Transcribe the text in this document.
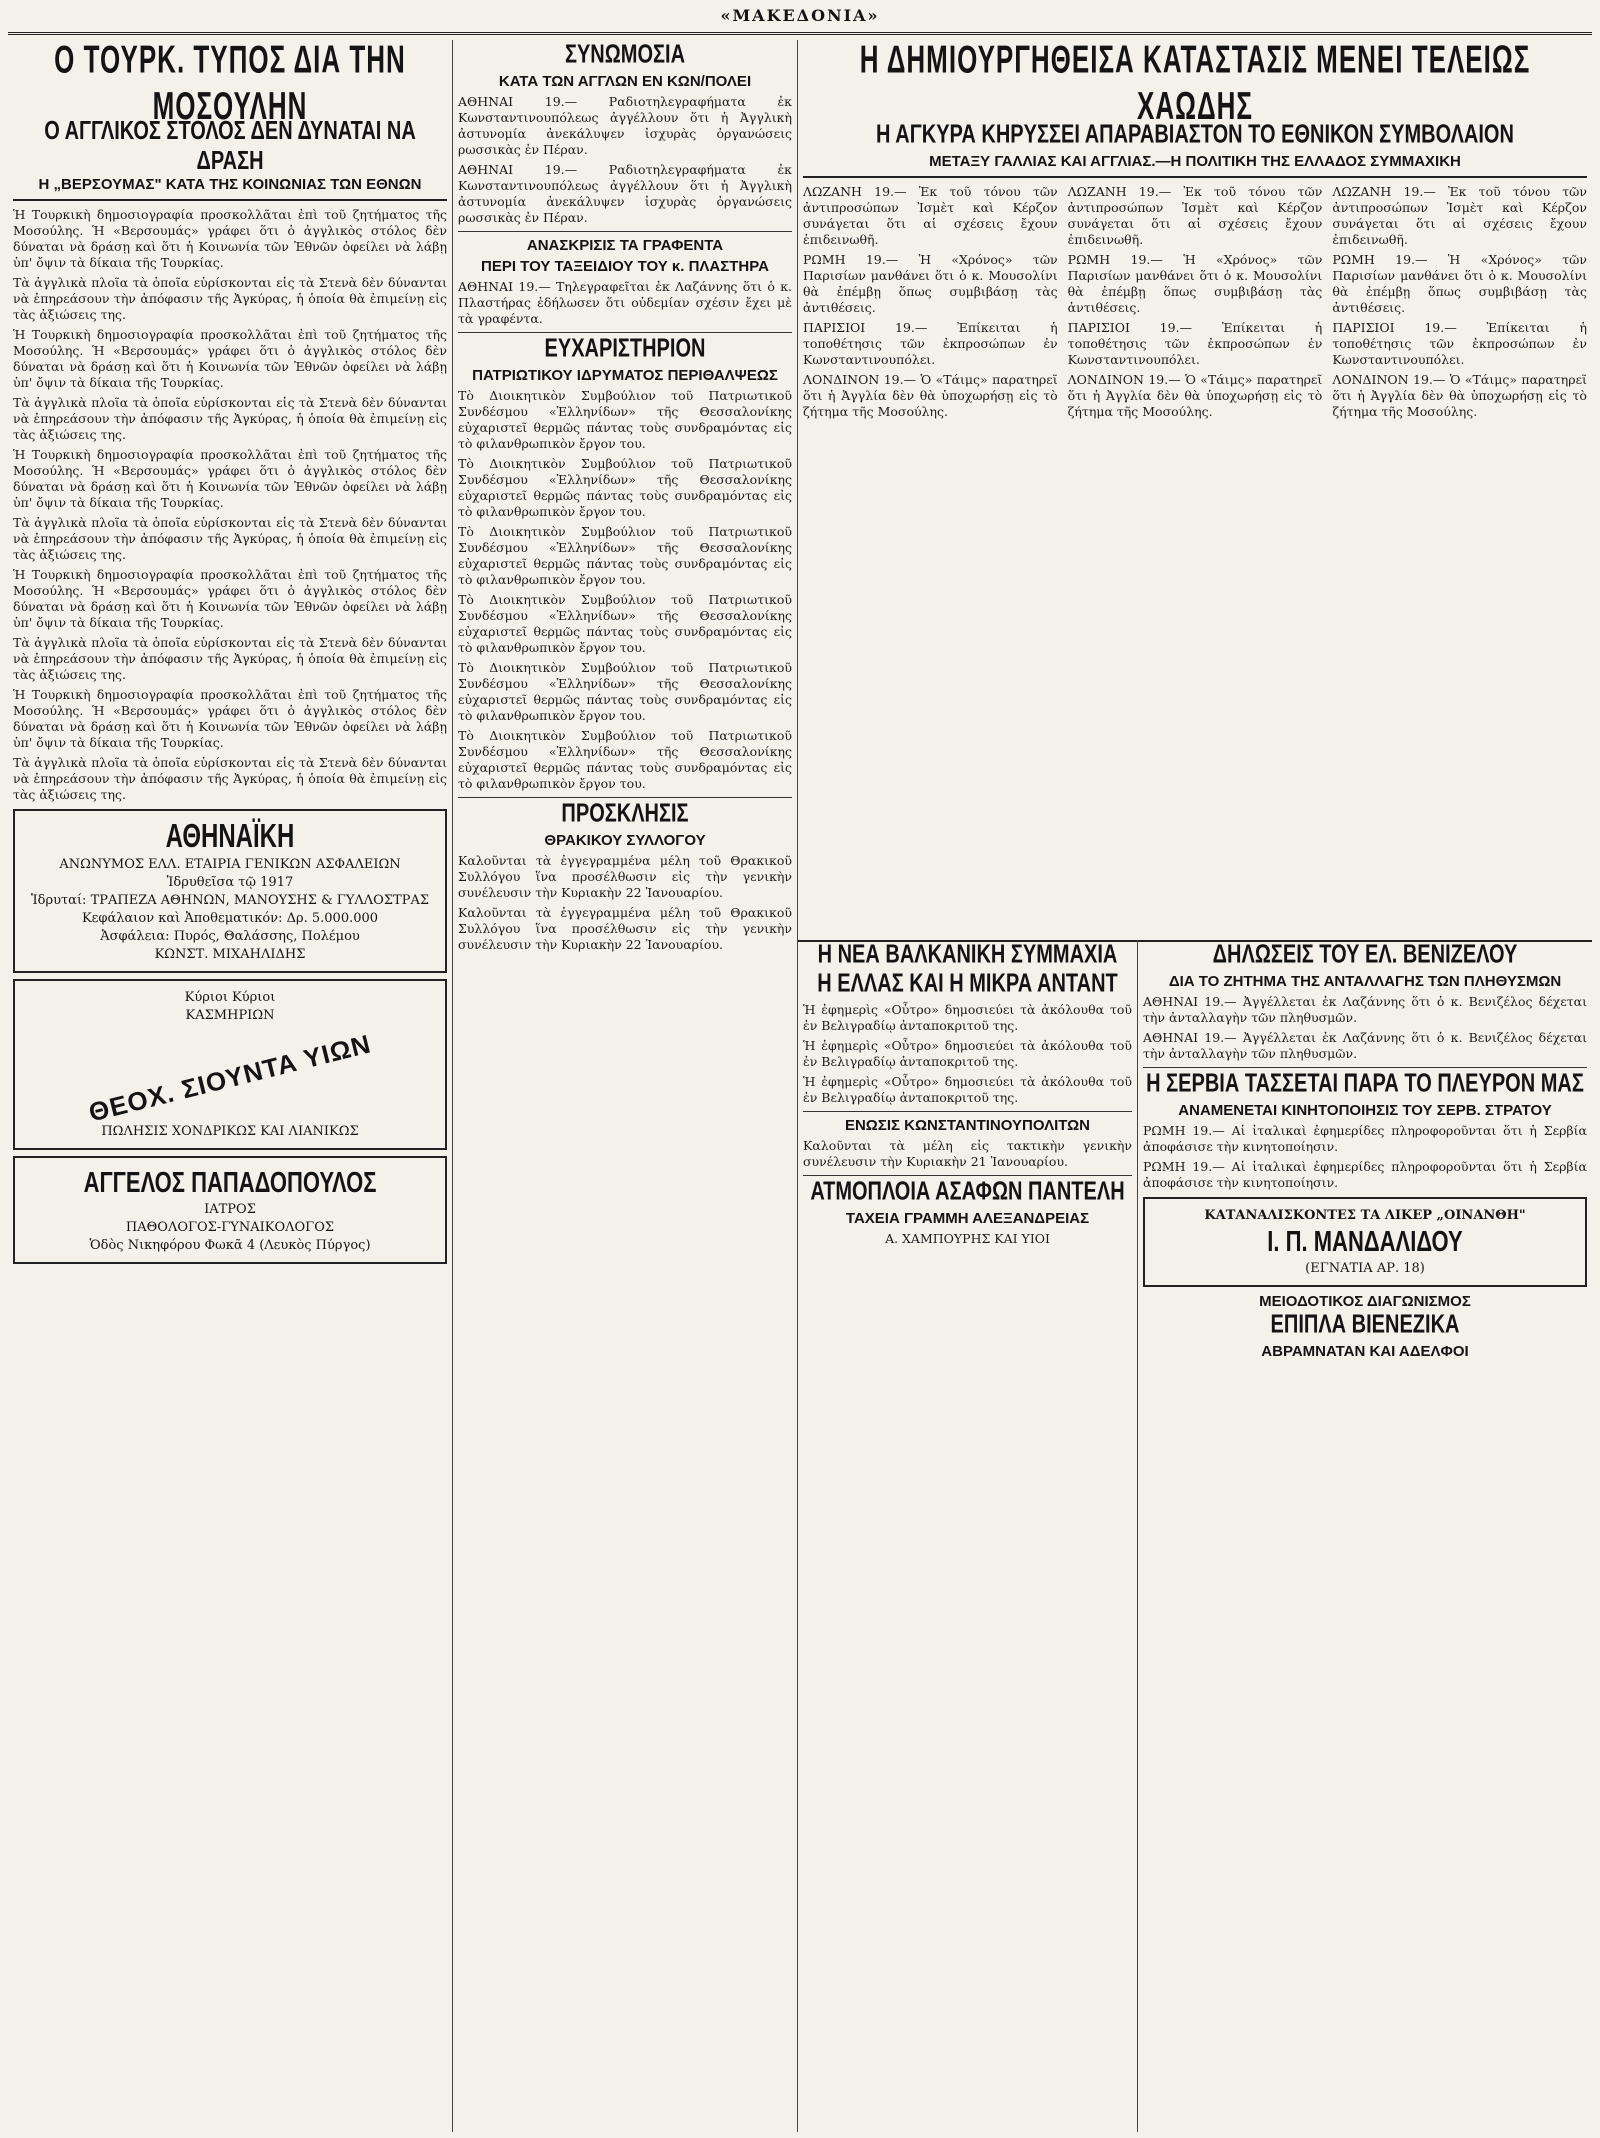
«ΜΑΚΕΔΟΝΙΑ»
Ο ΤΟΥΡΚ. ΤΥΠΟΣ ΔΙΑ ΤΗΝ ΜΟΣΟΥΛΗΝ
Ο ΑΓΓΛΙΚΟΣ ΣΤΟΛΟΣ ΔΕΝ ΔΥΝΑΤΑΙ ΝΑ ΔΡΑΣΗ
Η „ΒΕΡΣΟΥΜΑΣ" ΚΑΤΑ ΤΗΣ ΚΟΙΝΩΝΙΑΣ ΤΩΝ ΕΘΝΩΝ

Ἡ Τουρκικὴ δημοσιογραφία προσκολλᾶται ἐπὶ τοῦ ζητήματος τῆς Μοσούλης. Ἡ «Βερσουμάς» γράφει ὅτι ὁ ἀγγλικὸς στόλος δὲν δύναται νὰ δράσῃ καὶ ὅτι ἡ Κοινωνία τῶν Ἐθνῶν ὀφείλει νὰ λάβῃ ὑπ' ὄψιν τὰ δίκαια τῆς Τουρκίας.

Τὰ ἀγγλικὰ πλοῖα τὰ ὁποῖα εὑρίσκονται εἰς τὰ Στενὰ δὲν δύνανται νὰ ἐπηρεάσουν τὴν ἀπόφασιν τῆς Ἀγκύρας, ἡ ὁποία θὰ ἐπιμείνῃ εἰς τὰς ἀξιώσεις της.

Ἡ Τουρκικὴ δημοσιογραφία προσκολλᾶται ἐπὶ τοῦ ζητήματος τῆς Μοσούλης. Ἡ «Βερσουμάς» γράφει ὅτι ὁ ἀγγλικὸς στόλος δὲν δύναται νὰ δράσῃ καὶ ὅτι ἡ Κοινωνία τῶν Ἐθνῶν ὀφείλει νὰ λάβῃ ὑπ' ὄψιν τὰ δίκαια τῆς Τουρκίας.

Τὰ ἀγγλικὰ πλοῖα τὰ ὁποῖα εὑρίσκονται εἰς τὰ Στενὰ δὲν δύνανται νὰ ἐπηρεάσουν τὴν ἀπόφασιν τῆς Ἀγκύρας, ἡ ὁποία θὰ ἐπιμείνῃ εἰς τὰς ἀξιώσεις της.

Ἡ Τουρκικὴ δημοσιογραφία προσκολλᾶται ἐπὶ τοῦ ζητήματος τῆς Μοσούλης. Ἡ «Βερσουμάς» γράφει ὅτι ὁ ἀγγλικὸς στόλος δὲν δύναται νὰ δράσῃ καὶ ὅτι ἡ Κοινωνία τῶν Ἐθνῶν ὀφείλει νὰ λάβῃ ὑπ' ὄψιν τὰ δίκαια τῆς Τουρκίας.

Τὰ ἀγγλικὰ πλοῖα τὰ ὁποῖα εὑρίσκονται εἰς τὰ Στενὰ δὲν δύνανται νὰ ἐπηρεάσουν τὴν ἀπόφασιν τῆς Ἀγκύρας, ἡ ὁποία θὰ ἐπιμείνῃ εἰς τὰς ἀξιώσεις της.

Ἡ Τουρκικὴ δημοσιογραφία προσκολλᾶται ἐπὶ τοῦ ζητήματος τῆς Μοσούλης. Ἡ «Βερσουμάς» γράφει ὅτι ὁ ἀγγλικὸς στόλος δὲν δύναται νὰ δράσῃ καὶ ὅτι ἡ Κοινωνία τῶν Ἐθνῶν ὀφείλει νὰ λάβῃ ὑπ' ὄψιν τὰ δίκαια τῆς Τουρκίας.

Τὰ ἀγγλικὰ πλοῖα τὰ ὁποῖα εὑρίσκονται εἰς τὰ Στενὰ δὲν δύνανται νὰ ἐπηρεάσουν τὴν ἀπόφασιν τῆς Ἀγκύρας, ἡ ὁποία θὰ ἐπιμείνῃ εἰς τὰς ἀξιώσεις της.

Ἡ Τουρκικὴ δημοσιογραφία προσκολλᾶται ἐπὶ τοῦ ζητήματος τῆς Μοσούλης. Ἡ «Βερσουμάς» γράφει ὅτι ὁ ἀγγλικὸς στόλος δὲν δύναται νὰ δράσῃ καὶ ὅτι ἡ Κοινωνία τῶν Ἐθνῶν ὀφείλει νὰ λάβῃ ὑπ' ὄψιν τὰ δίκαια τῆς Τουρκίας.

Τὰ ἀγγλικὰ πλοῖα τὰ ὁποῖα εὑρίσκονται εἰς τὰ Στενὰ δὲν δύνανται νὰ ἐπηρεάσουν τὴν ἀπόφασιν τῆς Ἀγκύρας, ἡ ὁποία θὰ ἐπιμείνῃ εἰς τὰς ἀξιώσεις της.

ΑΘΗΝΑΪΚΗ
ΑΝΩΝΥΜΟΣ ΕΛΛ. ΕΤΑΙΡΙΑ ΓΕΝΙΚΩΝ ΑΣΦΑΛΕΙΩΝ
Ἱδρυθεῖσα τῷ 1917
Ἱδρυταί: ΤΡΑΠΕΖΑ ΑΘΗΝΩΝ, ΜΑΝΟΥΣΗΣ & ΓΥΛΛΟΣΤΡΑΣ
Κεφάλαιον καὶ Ἀποθεματικόν: Δρ. 5.000.000
Ἀσφάλεια: Πυρός, Θαλάσσης, Πολέμου
ΚΩΝΣΤ. ΜΙΧΑΗΛΙΔΗΣ
Κύριοι Κύριοι
ΚΑΣΜΗΡΙΩΝ
ΘΕΟΧ. ΣΙΟΥΝΤΑ ΥΙΩΝ
ΠΩΛΗΣΙΣ ΧΟΝΔΡΙΚΩΣ ΚΑΙ ΛΙΑΝΙΚΩΣ
ΑΓΓΕΛΟΣ ΠΑΠΑΔΟΠΟΥΛΟΣ
ΙΑΤΡΟΣ
ΠΑΘΟΛΟΓΟΣ-ΓΥΝΑΙΚΟΛΟΓΟΣ
Ὁδὸς Νικηφόρου Φωκᾶ 4 (Λευκὸς Πύργος)
ΣΥΝΩΜΟΣΙΑ
ΚΑΤΑ ΤΩΝ ΑΓΓΛΩΝ ΕΝ ΚΩΝ/ΠΟΛΕΙ

ΑΘΗΝΑΙ 19.— Ραδιοτηλεγραφήματα ἐκ Κωνσταντινουπόλεως ἀγγέλλουν ὅτι ἡ Ἀγγλικὴ ἀστυνομία ἀνεκάλυψεν ἰσχυρὰς ὀργανώσεις ρωσσικὰς ἐν Πέραν.

ΑΘΗΝΑΙ 19.— Ραδιοτηλεγραφήματα ἐκ Κωνσταντινουπόλεως ἀγγέλλουν ὅτι ἡ Ἀγγλικὴ ἀστυνομία ἀνεκάλυψεν ἰσχυρὰς ὀργανώσεις ρωσσικὰς ἐν Πέραν.

ΑΝΑΣΚΡΙΣΙΣ ΤΑ ΓΡΑΦΕΝΤΑ
ΠΕΡΙ ΤΟΥ ΤΑΞΕΙΔΙΟΥ ΤΟΥ κ. ΠΛΑΣΤΗΡΑ

ΑΘΗΝΑΙ 19.— Τηλεγραφεῖται ἐκ Λαζάννης ὅτι ὁ κ. Πλαστήρας ἐδήλωσεν ὅτι οὐδεμίαν σχέσιν ἔχει μὲ τὰ γραφέντα.

ΕΥΧΑΡΙΣΤΗΡΙΟΝ
ΠΑΤΡΙΩΤΙΚΟΥ ΙΔΡΥΜΑΤΟΣ ΠΕΡΙΘΑΛΨΕΩΣ

Τὸ Διοικητικὸν Συμβούλιον τοῦ Πατριωτικοῦ Συνδέσμου «Ἑλληνίδων» τῆς Θεσσαλονίκης εὐχαριστεῖ θερμῶς πάντας τοὺς συνδραμόντας εἰς τὸ φιλανθρωπικὸν ἔργον του.

Τὸ Διοικητικὸν Συμβούλιον τοῦ Πατριωτικοῦ Συνδέσμου «Ἑλληνίδων» τῆς Θεσσαλονίκης εὐχαριστεῖ θερμῶς πάντας τοὺς συνδραμόντας εἰς τὸ φιλανθρωπικὸν ἔργον του.

Τὸ Διοικητικὸν Συμβούλιον τοῦ Πατριωτικοῦ Συνδέσμου «Ἑλληνίδων» τῆς Θεσσαλονίκης εὐχαριστεῖ θερμῶς πάντας τοὺς συνδραμόντας εἰς τὸ φιλανθρωπικὸν ἔργον του.

Τὸ Διοικητικὸν Συμβούλιον τοῦ Πατριωτικοῦ Συνδέσμου «Ἑλληνίδων» τῆς Θεσσαλονίκης εὐχαριστεῖ θερμῶς πάντας τοὺς συνδραμόντας εἰς τὸ φιλανθρωπικὸν ἔργον του.

Τὸ Διοικητικὸν Συμβούλιον τοῦ Πατριωτικοῦ Συνδέσμου «Ἑλληνίδων» τῆς Θεσσαλονίκης εὐχαριστεῖ θερμῶς πάντας τοὺς συνδραμόντας εἰς τὸ φιλανθρωπικὸν ἔργον του.

Τὸ Διοικητικὸν Συμβούλιον τοῦ Πατριωτικοῦ Συνδέσμου «Ἑλληνίδων» τῆς Θεσσαλονίκης εὐχαριστεῖ θερμῶς πάντας τοὺς συνδραμόντας εἰς τὸ φιλανθρωπικὸν ἔργον του.

ΠΡΟΣΚΛΗΣΙΣ
ΘΡΑΚΙΚΟΥ ΣΥΛΛΟΓΟΥ

Καλοῦνται τὰ ἐγγεγραμμένα μέλη τοῦ Θρακικοῦ Συλλόγου ἵνα προσέλθωσιν εἰς τὴν γενικὴν συνέλευσιν τὴν Κυριακὴν 22 Ἰανουαρίου.

Καλοῦνται τὰ ἐγγεγραμμένα μέλη τοῦ Θρακικοῦ Συλλόγου ἵνα προσέλθωσιν εἰς τὴν γενικὴν συνέλευσιν τὴν Κυριακὴν 22 Ἰανουαρίου.

Η ΔΗΜΙΟΥΡΓΗΘΕΙΣΑ ΚΑΤΑΣΤΑΣΙΣ ΜΕΝΕΙ ΤΕΛΕΙΩΣ ΧΑΩΔΗΣ
Η ΑΓΚΥΡΑ ΚΗΡΥΣΣΕΙ ΑΠΑΡΑΒΙΑΣΤΟΝ ΤΟ ΕΘΝΙΚΟΝ ΣΥΜΒΟΛΑΙΟΝ
ΜΕΤΑΞΥ ΓΑΛΛΙΑΣ ΚΑΙ ΑΓΓΛΙΑΣ.—Η ΠΟΛΙΤΙΚΗ ΤΗΣ ΕΛΛΑΔΟΣ ΣΥΜΜΑΧΙΚΗ

ΛΩΖΑΝΗ 19.— Ἐκ τοῦ τόνου τῶν ἀντιπροσώπων Ἰσμὲτ καὶ Κέρζον συνάγεται ὅτι αἱ σχέσεις ἔχουν ἐπιδεινωθῆ.

ΡΩΜΗ 19.— Ἡ «Χρόνος» τῶν Παρισίων μανθάνει ὅτι ὁ κ. Μουσολίνι θὰ ἐπέμβῃ ὅπως συμβιβάσῃ τὰς ἀντιθέσεις.

ΠΑΡΙΣΙΟΙ 19.— Ἐπίκειται ἡ τοποθέτησις τῶν ἐκπροσώπων ἐν Κωνσταντινουπόλει.

ΛΟΝΔΙΝΟΝ 19.— Ὁ «Τάιμς» παρατηρεῖ ὅτι ἡ Ἀγγλία δὲν θὰ ὑποχωρήσῃ εἰς τὸ ζήτημα τῆς Μοσούλης.

ΛΩΖΑΝΗ 19.— Ἐκ τοῦ τόνου τῶν ἀντιπροσώπων Ἰσμὲτ καὶ Κέρζον συνάγεται ὅτι αἱ σχέσεις ἔχουν ἐπιδεινωθῆ.

ΡΩΜΗ 19.— Ἡ «Χρόνος» τῶν Παρισίων μανθάνει ὅτι ὁ κ. Μουσολίνι θὰ ἐπέμβῃ ὅπως συμβιβάσῃ τὰς ἀντιθέσεις.

ΠΑΡΙΣΙΟΙ 19.— Ἐπίκειται ἡ τοποθέτησις τῶν ἐκπροσώπων ἐν Κωνσταντινουπόλει.

ΛΟΝΔΙΝΟΝ 19.— Ὁ «Τάιμς» παρατηρεῖ ὅτι ἡ Ἀγγλία δὲν θὰ ὑποχωρήσῃ εἰς τὸ ζήτημα τῆς Μοσούλης.

ΛΩΖΑΝΗ 19.— Ἐκ τοῦ τόνου τῶν ἀντιπροσώπων Ἰσμὲτ καὶ Κέρζον συνάγεται ὅτι αἱ σχέσεις ἔχουν ἐπιδεινωθῆ.

ΡΩΜΗ 19.— Ἡ «Χρόνος» τῶν Παρισίων μανθάνει ὅτι ὁ κ. Μουσολίνι θὰ ἐπέμβῃ ὅπως συμβιβάσῃ τὰς ἀντιθέσεις.

ΠΑΡΙΣΙΟΙ 19.— Ἐπίκειται ἡ τοποθέτησις τῶν ἐκπροσώπων ἐν Κωνσταντινουπόλει.

ΛΟΝΔΙΝΟΝ 19.— Ὁ «Τάιμς» παρατηρεῖ ὅτι ἡ Ἀγγλία δὲν θὰ ὑποχωρήσῃ εἰς τὸ ζήτημα τῆς Μοσούλης.

Η ΝΕΑ ΒΑΛΚΑΝΙΚΗ ΣΥΜΜΑΧΙΑ
Η ΕΛΛΑΣ ΚΑΙ Η ΜΙΚΡΑ ΑΝΤΑΝΤ

Ἡ ἐφημερὶς «Οὖτρο» δημοσιεύει τὰ ἀκόλουθα τοῦ ἐν Βελιγραδίῳ ἀνταποκριτοῦ της.

Ἡ ἐφημερὶς «Οὖτρο» δημοσιεύει τὰ ἀκόλουθα τοῦ ἐν Βελιγραδίῳ ἀνταποκριτοῦ της.

Ἡ ἐφημερὶς «Οὖτρο» δημοσιεύει τὰ ἀκόλουθα τοῦ ἐν Βελιγραδίῳ ἀνταποκριτοῦ της.

ΕΝΩΣΙΣ ΚΩΝΣΤΑΝΤΙΝΟΥΠΟΛΙΤΩΝ

Καλοῦνται τὰ μέλη εἰς τακτικὴν γενικὴν συνέλευσιν τὴν Κυριακὴν 21 Ἰανουαρίου.

ΑΤΜΟΠΛΟΙΑ ΑΣΑΦΩΝ ΠΑΝΤΕΛΗ
ΤΑΧΕΙΑ ΓΡΑΜΜΗ ΑΛΕΞΑΝΔΡΕΙΑΣ

Α. ΧΑΜΠΟΥΡΗΣ ΚΑΙ ΥΙΟΙ

ΔΗΛΩΣΕΙΣ ΤΟΥ ΕΛ. ΒΕΝΙΖΕΛΟΥ
ΔΙΑ ΤΟ ΖΗΤΗΜΑ ΤΗΣ ΑΝΤΑΛΛΑΓΗΣ ΤΩΝ ΠΛΗΘΥΣΜΩΝ

ΑΘΗΝΑΙ 19.— Ἀγγέλλεται ἐκ Λαζάννης ὅτι ὁ κ. Βενιζέλος δέχεται τὴν ἀνταλλαγὴν τῶν πληθυσμῶν.

ΑΘΗΝΑΙ 19.— Ἀγγέλλεται ἐκ Λαζάννης ὅτι ὁ κ. Βενιζέλος δέχεται τὴν ἀνταλλαγὴν τῶν πληθυσμῶν.

Η ΣΕΡΒΙΑ ΤΑΣΣΕΤΑΙ ΠΑΡΑ ΤΟ ΠΛΕΥΡΟΝ ΜΑΣ
ΑΝΑΜΕΝΕΤΑΙ ΚΙΝΗΤΟΠΟΙΗΣΙΣ ΤΟΥ ΣΕΡΒ. ΣΤΡΑΤΟΥ

ΡΩΜΗ 19.— Αἱ ἰταλικαὶ ἐφημερίδες πληροφοροῦνται ὅτι ἡ Σερβία ἀποφάσισε τὴν κινητοποίησιν.

ΡΩΜΗ 19.— Αἱ ἰταλικαὶ ἐφημερίδες πληροφοροῦνται ὅτι ἡ Σερβία ἀποφάσισε τὴν κινητοποίησιν.

ΚΑΤΑΝΑΛΙΣΚΟΝΤΕΣ ΤΑ ΛΙΚΕΡ „ΟΙΝΑΝΘΗ"
Ι. Π. ΜΑΝΔΑΛΙΔΟΥ
(ΕΓΝΑΤΙΑ ΑΡ. 18)
ΜΕΙΟΔΟΤΙΚΟΣ ΔΙΑΓΩΝΙΣΜΟΣ
ΕΠΙΠΛΑ ΒΙΕΝΕΖΙΚΑ
ΑΒΡΑΜΝΑΤΑΝ ΚΑΙ ΑΔΕΛΦΟΙ
